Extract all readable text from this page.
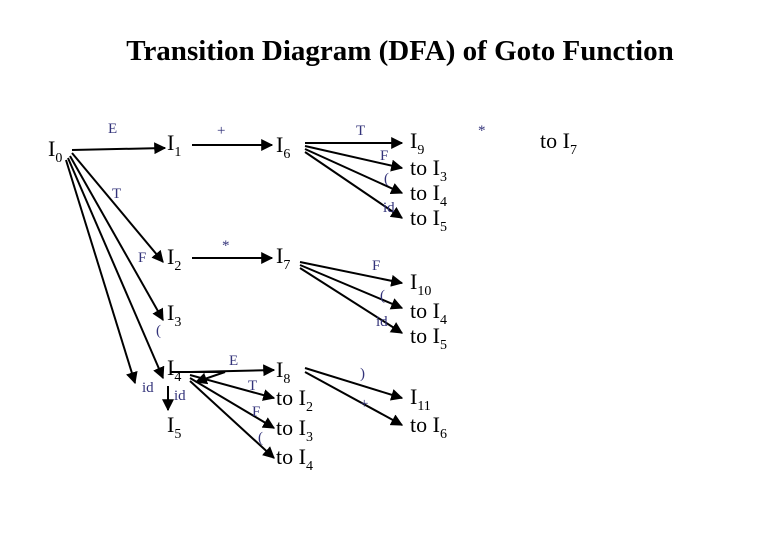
Transition Diagram (DFA) of Goto Function
$I_0$
$I_1$
$I_2$
$I_3$
$I_4$
$I_5$
$I_6$
$I_7$
$I_8$
$I_9$
$I_{10}$
$I_{11}$
to $I_3$
to $I_4$
to $I_5$
to $I_4$
to $I_5$
to $I_2$
to $I_3$
to $I_4$
to $I_6$
to $I_7$
E
T
F
(
id id
+
*
T
F
(
id
F
(
id
E
T
F
(
)
+
*
